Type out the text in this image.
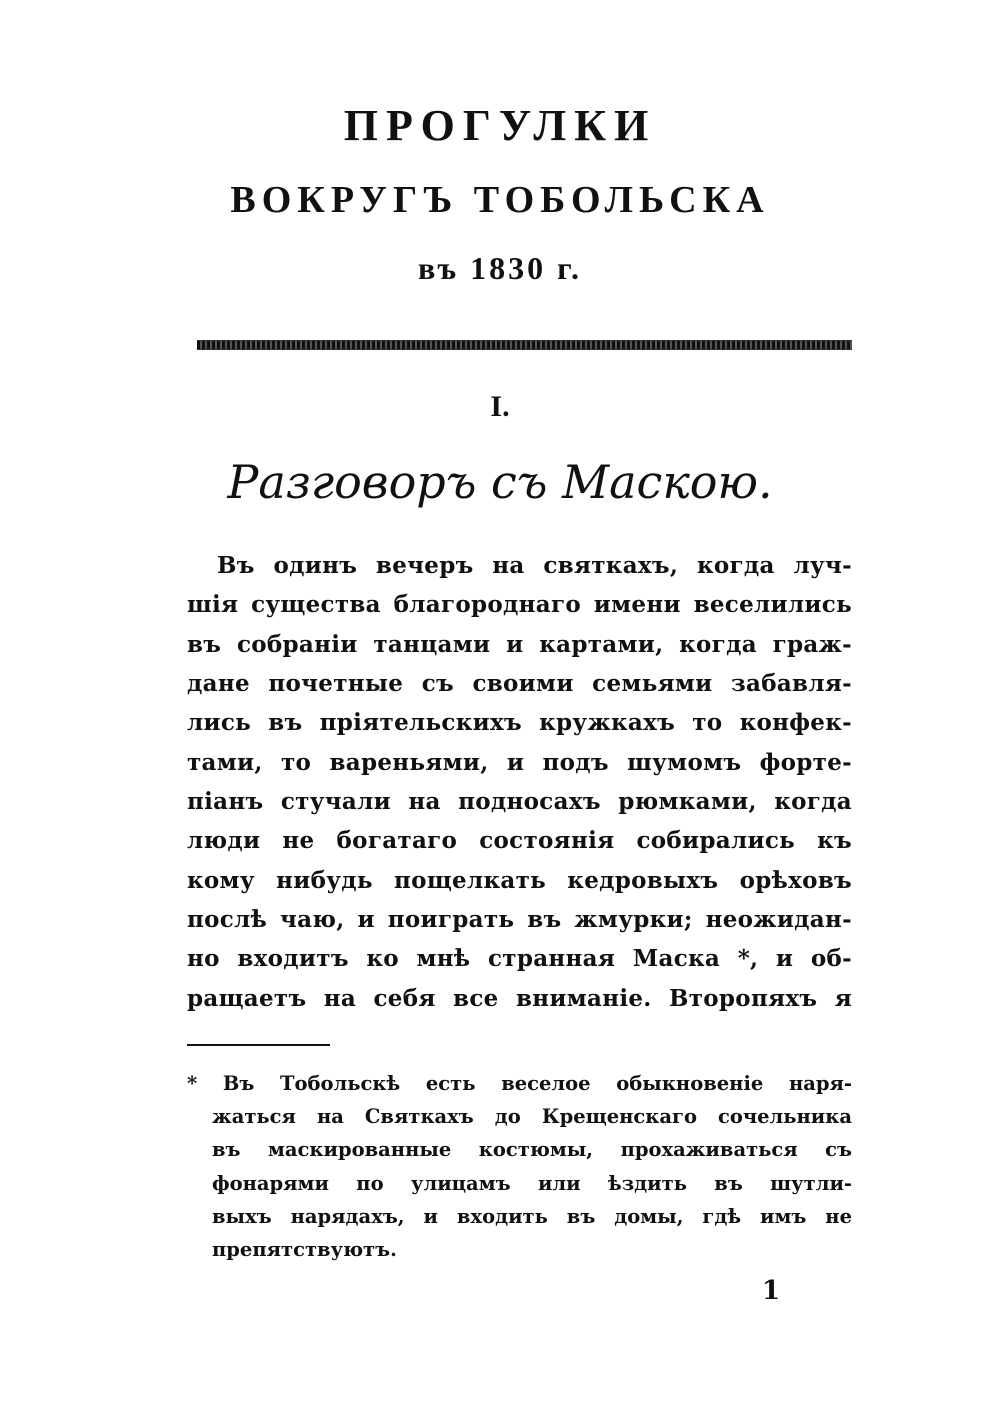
ПРОГУЛКИ
ВОКРУГЪ ТОБОЛЬСКА
въ 1830 г.
I.
Разговоръ съ Маскою.
Въ одинъ вечеръ на святкахъ, когда луч-
шія существа благороднаго имени веселились
въ собраніи танцами и картами, когда граж-
дане почетные съ своими семьями забавля-
лись въ пріятельскихъ кружкахъ то конфек-
тами, то вареньями, и подъ шумомъ форте-
піанъ стучали на подносахъ рюмками, когда
люди не богатаго состоянія собирались къ
кому нибудь пощелкать кедровыхъ орѣховъ
послѣ чаю, и поиграть въ жмурки; неожидан-
но входитъ ко мнѣ странная Маска *, и об-
ращаетъ на себя все вниманіе. Второпяхъ я
* Въ Тобольскѣ есть веселое обыкновеніе наря-
жаться на Святкахъ до Крещенскаго сочельника
въ маскированные костюмы, прохаживаться съ
фонарями по улицамъ или ѣздить въ шутли-
выхъ нарядахъ, и входить въ домы, гдѣ имъ не
препятствуютъ.
1
